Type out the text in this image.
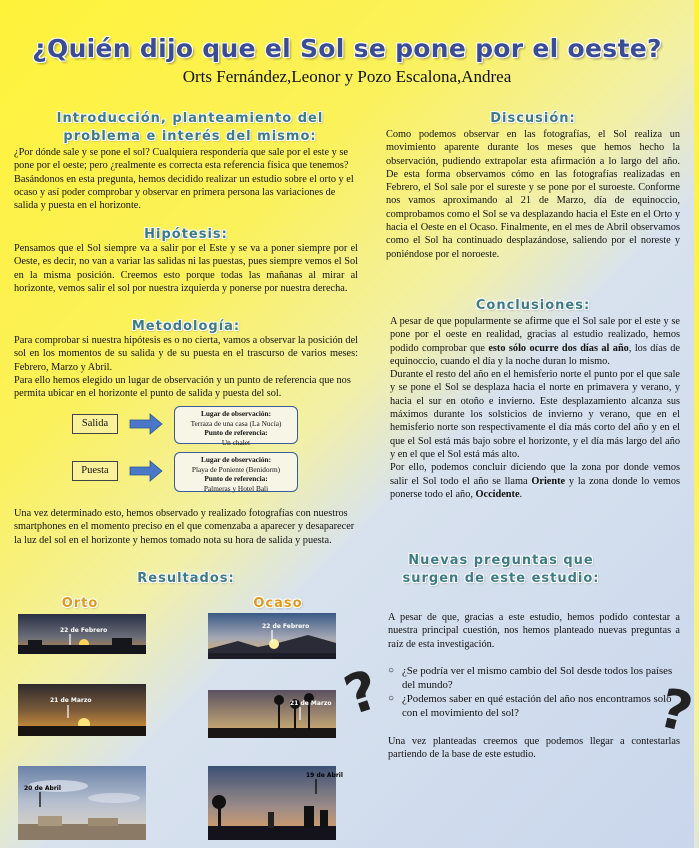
¿Quién dijo que el Sol se pone por el oeste?
Orts Fernández,Leonor y Pozo Escalona,Andrea
Introducción, planteamiento del problema e interés del mismo:
¿Por dónde sale y se pone el sol? Cualquiera respondería que sale por el este y se pone por el oeste; pero ¿realmente es correcta esta referencia física que tenemos? Basándonos en esta pregunta, hemos decidido realizar un estudio sobre el orto y el ocaso y así poder comprobar y observar en primera persona las variaciones de salida y puesta en el horizonte.
Hipótesis:
Pensamos que el Sol siempre va a salir por el Este y se va a poner siempre por el Oeste, es decir, no van a variar las salidas ni las puestas, pues siempre vemos el Sol en la misma posición. Creemos esto porque todas las mañanas al mirar al horizonte, vemos salir el sol por nuestra izquierda y ponerse por nuestra derecha.
Metodología:
Para comprobar si nuestra hipótesis es o no cierta, vamos a observar la posición del sol en los momentos de su salida y de su puesta en el trascurso de varios meses: Febrero, Marzo y Abril.
Para ello hemos elegido un lugar de observación y un punto de referencia que nos permita ubicar en el horizonte el punto de salida y puesta del sol.
Salida
Lugar de observación:
Terraza de una casa (La Nucía)
Punto de referencia:
Un chalet
Puesta
Lugar de observación:
Playa de Poniente (Benidorm)
Punto de referencia:
Palmeras y Hotel Bali
Una vez determinado esto, hemos observado y realizado fotografías con nuestros smartphones en el momento preciso en el que comenzaba a aparecer y desaparecer la luz del sol en el horizonte y hemos tomado nota su hora de salida y puesta.
Resultados:
Orto	Ocaso
22 de Febrero
21 de Marzo
20 de Abril
22 de Febrero
21 de Marzo
19 de Abril
Discusión:
Como podemos observar en las fotografías, el Sol realiza un movimiento aparente durante los meses que hemos hecho la observación, pudiendo extrapolar esta afirmación a lo largo del año. De esta forma observamos cómo en las fotografías realizadas en Febrero, el Sol sale por el sureste y se pone por el suroeste. Conforme nos vamos aproximando al 21 de Marzo, día de equinoccio, comprobamos como el Sol se va desplazando hacia el Este en el Orto y hacia el Oeste en el Ocaso. Finalmente, en el mes de Abril observamos como el Sol ha continuado desplazándose, saliendo por el noreste y poniéndose por el noroeste.
Conclusiones:

A pesar de que popularmente se afirme que el Sol sale por el este y se pone por el oeste en realidad, gracias al estudio realizado, hemos podido comprobar que esto sólo ocurre dos días al año, los días de equinoccio, cuando el día y la noche duran lo mismo.

Durante el resto del año en el hemisferio norte el punto por el que sale y se pone el Sol se desplaza hacia el norte en primavera y verano, y hacia el sur en otoño e invierno. Este desplazamiento alcanza sus máximos durante los solsticios de invierno y verano, que en el hemisferio norte son respectivamente el día más corto del año y en el que el Sol está más bajo sobre el horizonte, y el día más largo del año y en el que el Sol está más alto.

Por ello, podemos concluir diciendo que la zona por donde vemos salir el Sol todo el año se llama Oriente y la zona donde lo vemos ponerse todo el año, Occidente.

Nuevas preguntas que surgen de este estudio:
A pesar de que, gracias a este estudio, hemos podido contestar a nuestra principal cuestión, nos hemos planteado nuevas preguntas a raíz de esta investigación.
○ ¿Se podría ver el mismo cambio del Sol desde todos los países del mundo?
○ ¿Podemos saber en qué estación del año nos encontramos solo con el movimiento del sol?
?	?
Una vez planteadas creemos que podemos llegar a contestarlas partiendo de la base de este estudio.
